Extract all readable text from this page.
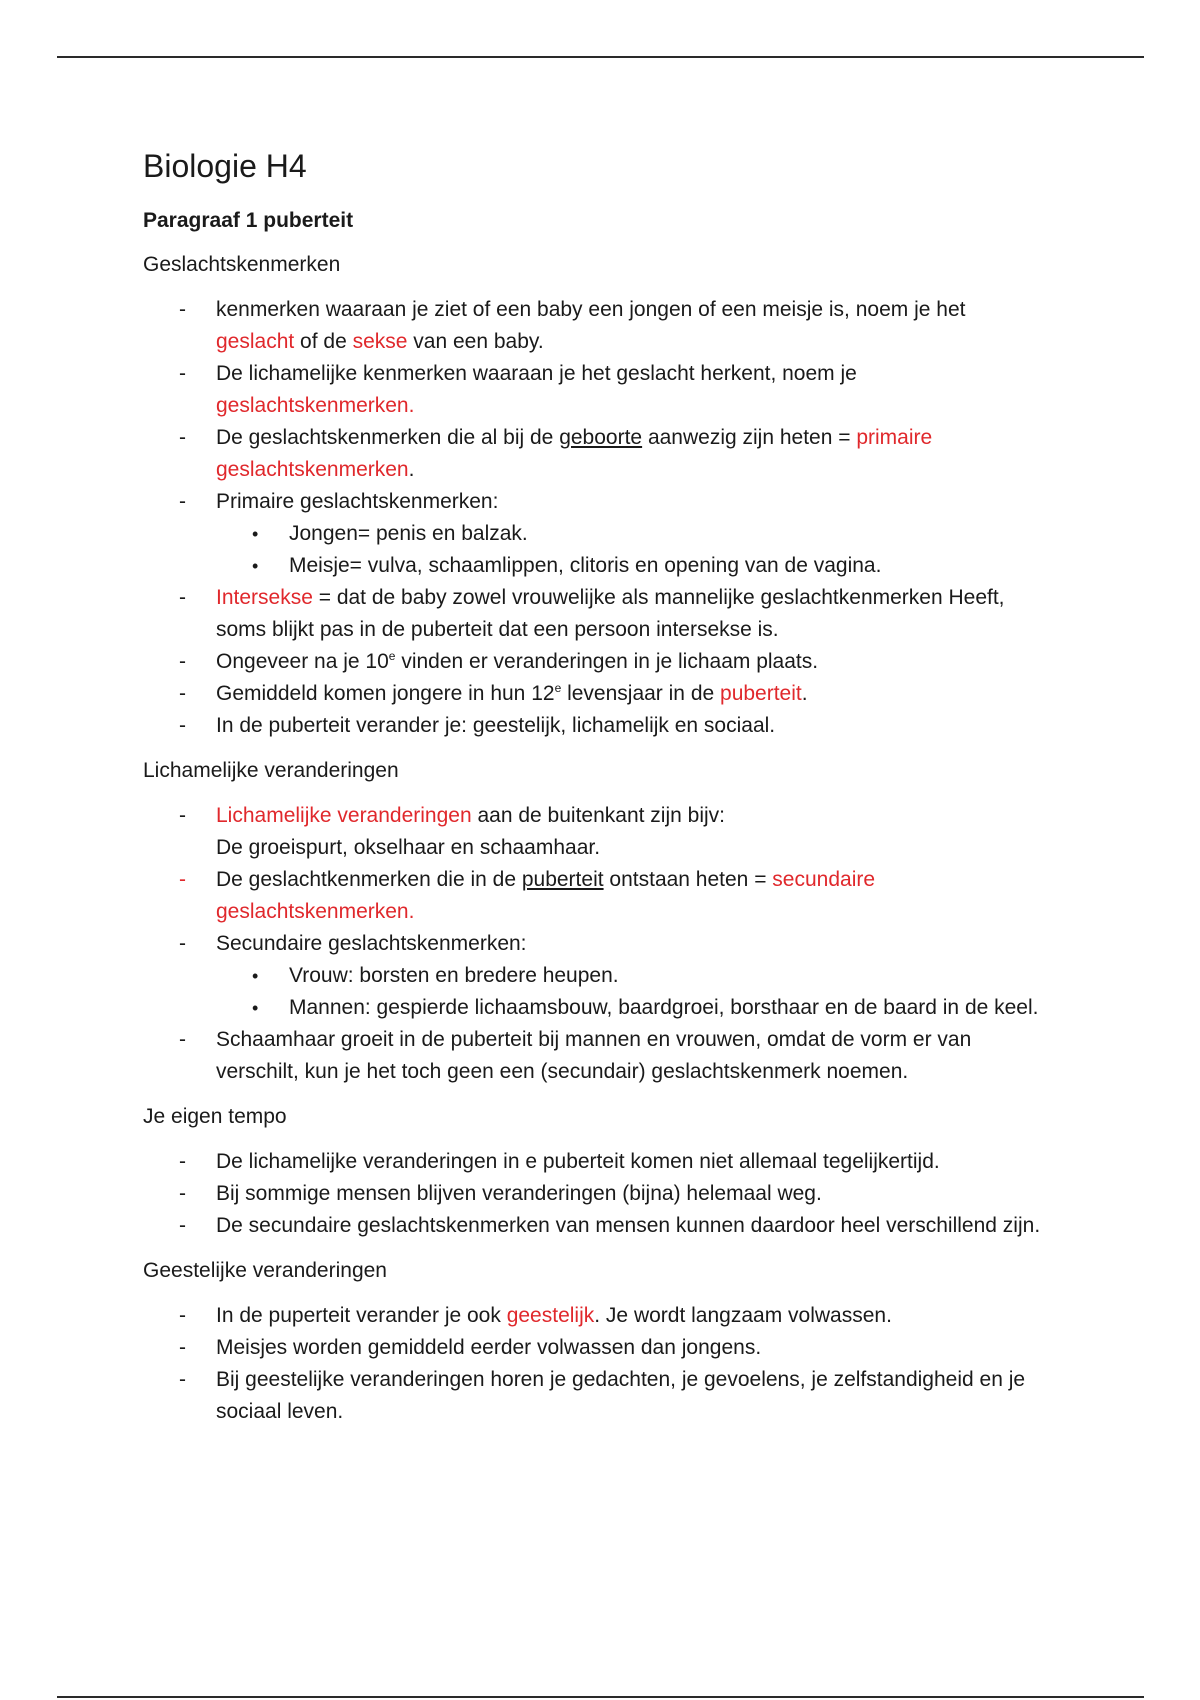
Biologie H4
Paragraaf 1 puberteit
Geslachtskenmerken
- kenmerken waaraan je ziet of een baby een jongen of een meisje is, noem je het geslacht of de sekse van een baby.
- De lichamelijke kenmerken waaraan je het geslacht herkent, noem je geslachtskenmerken.
- De geslachtskenmerken die al bij de geboorte aanwezig zijn heten = primaire geslachtskenmerken.
- Primaire geslachtskenmerken:
• Jongen= penis en balzak.
• Meisje= vulva, schaamlippen, clitoris en opening van de vagina.
- Intersekse = dat de baby zowel vrouwelijke als mannelijke geslachtkenmerken Heeft, soms blijkt pas in de puberteit dat een persoon intersekse is.
- Ongeveer na je 10e vinden er veranderingen in je lichaam plaats.
- Gemiddeld komen jongere in hun 12e levensjaar in de puberteit.
- In de puberteit verander je: geestelijk, lichamelijk en sociaal.
Lichamelijke veranderingen
- Lichamelijke veranderingen aan de buitenkant zijn bijv:
De groeispurt, okselhaar en schaamhaar.
- De geslachtkenmerken die in de puberteit ontstaan heten = secundaire geslachtskenmerken.
- Secundaire geslachtskenmerken:
• Vrouw: borsten en bredere heupen.
• Mannen: gespierde lichaamsbouw, baardgroei, borsthaar en de baard in de keel.
- Schaamhaar groeit in de puberteit bij mannen en vrouwen, omdat de vorm er van verschilt, kun je het toch geen een (secundair) geslachtskenmerk noemen.
Je eigen tempo
- De lichamelijke veranderingen in e puberteit komen niet allemaal tegelijkertijd.
- Bij sommige mensen blijven veranderingen (bijna) helemaal weg.
- De secundaire geslachtskenmerken van mensen kunnen daardoor heel verschillend zijn.
Geestelijke veranderingen
- In de puperteit verander je ook geestelijk. Je wordt langzaam volwassen.
- Meisjes worden gemiddeld eerder volwassen dan jongens.
- Bij geestelijke veranderingen horen je gedachten, je gevoelens, je zelfstandigheid en je sociaal leven.
